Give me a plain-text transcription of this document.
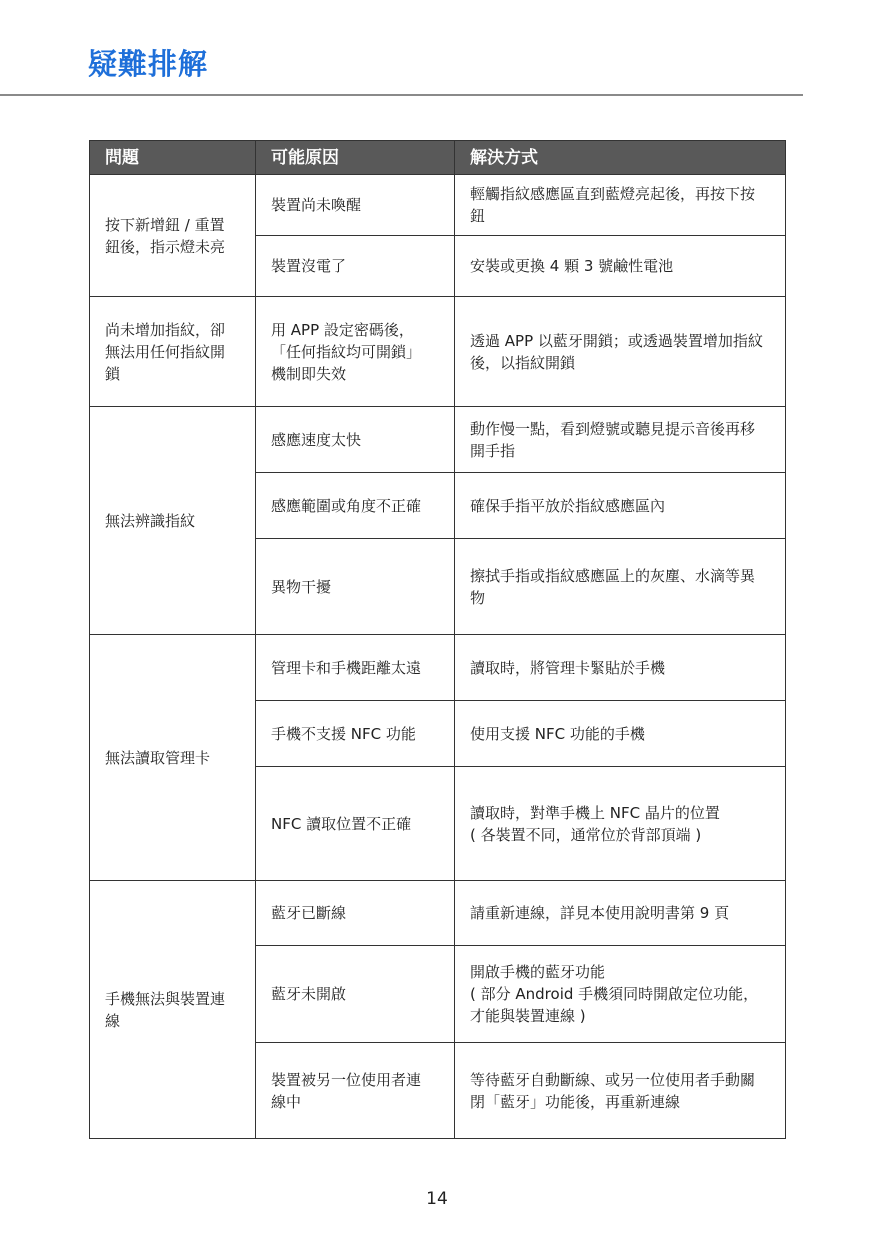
疑難排解
問題	可能原因	解決方式
按下新增鈕 / 重置鈕後，指示燈未亮	裝置尚未喚醒	輕觸指紋感應區直到藍燈亮起後，再按下按鈕
	裝置沒電了	安裝或更換 4 顆 3 號鹼性電池
尚未增加指紋，卻無法用任何指紋開鎖	用 APP 設定密碼後，「任何指紋均可開鎖」機制即失效	透過 APP 以藍牙開鎖；或透過裝置增加指紋後，以指紋開鎖
無法辨識指紋	感應速度太快	動作慢一點，看到燈號或聽見提示音後再移開手指
	感應範圍或角度不正確	確保手指平放於指紋感應區內
	異物干擾	擦拭手指或指紋感應區上的灰塵、水滴等異物
無法讀取管理卡	管理卡和手機距離太遠	讀取時，將管理卡緊貼於手機
	手機不支援 NFC 功能	使用支援 NFC 功能的手機
	NFC 讀取位置不正確	讀取時，對準手機上 NFC 晶片的位置
( 各裝置不同，通常位於背部頂端 )

手機無法與裝置連線	藍牙已斷線	請重新連線，詳見本使用說明書第 9 頁
	藍牙未開啟	開啟手機的藍牙功能
( 部分 Android 手機須同時開啟定位功能，才能與裝置連線 )

	裝置被另一位使用者連線中	等待藍牙自動斷線、或另一位使用者手動關閉「藍牙」功能後，再重新連線
14
